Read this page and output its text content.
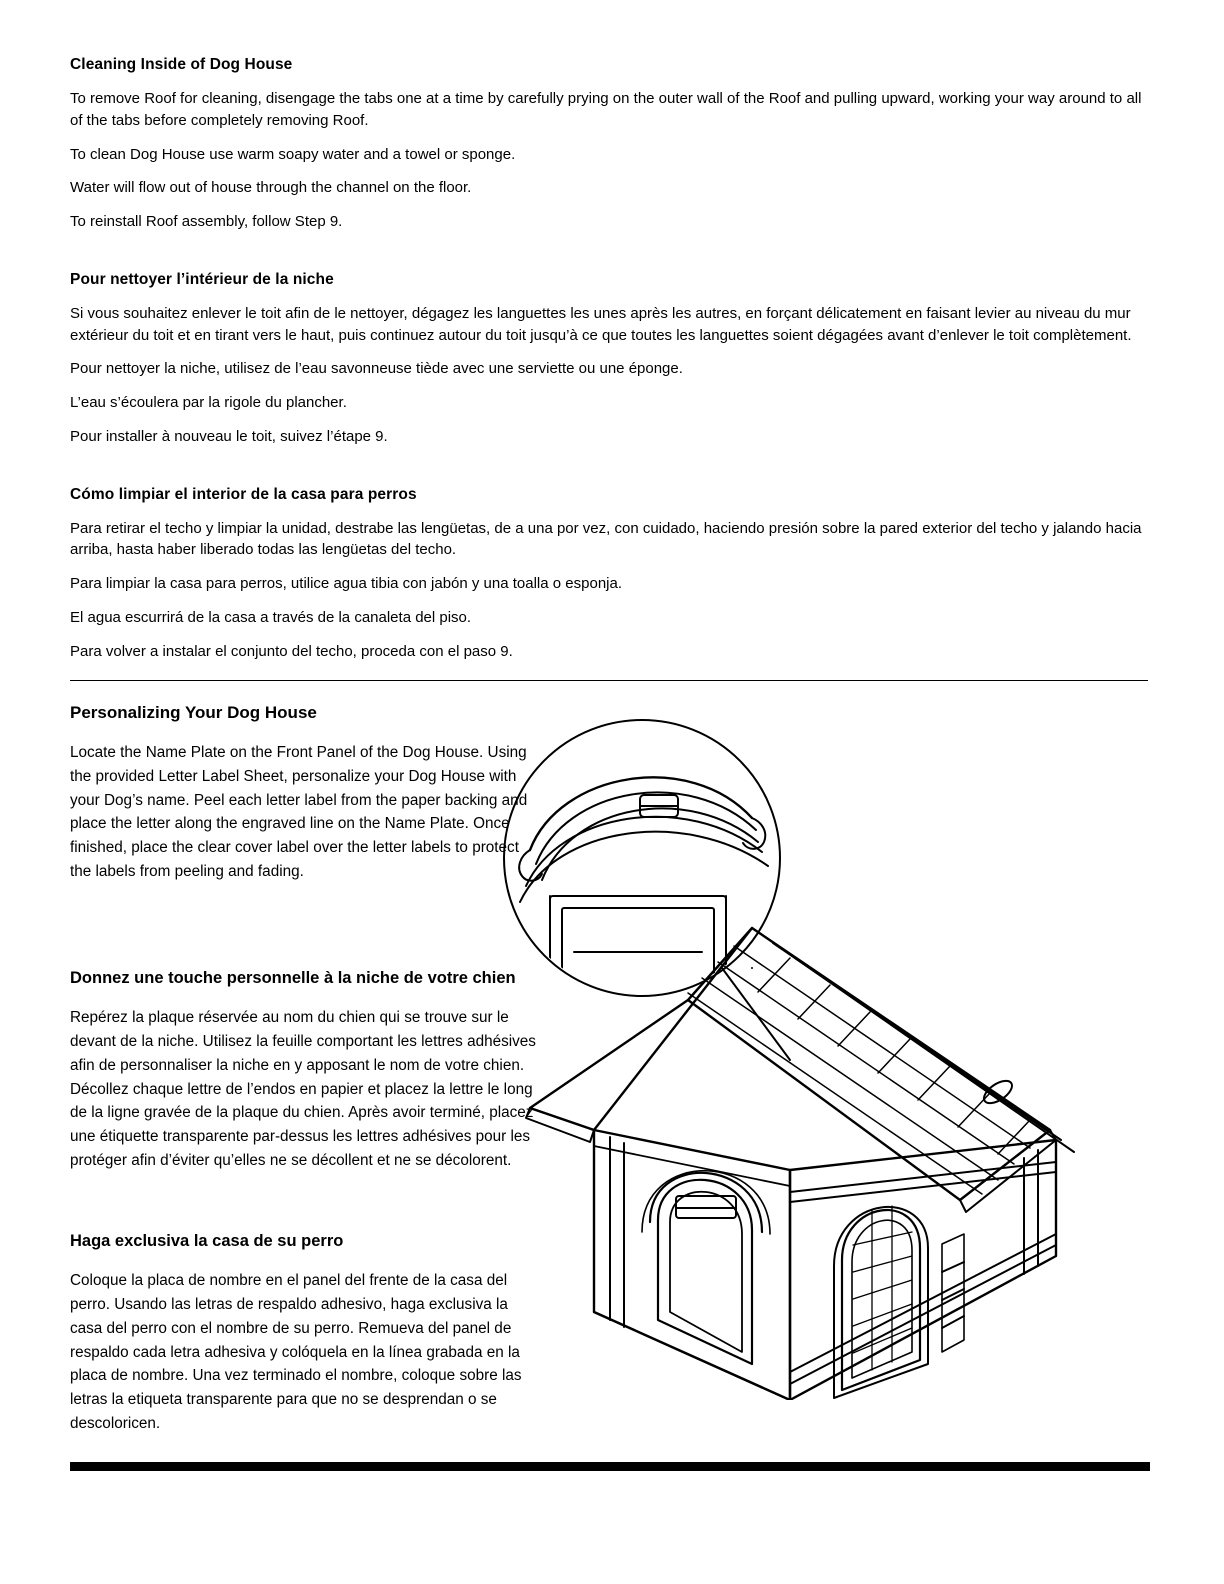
Cleaning Inside of Dog House

To remove Roof for cleaning, disengage the tabs one at a time by carefully prying on the outer wall of the Roof and pulling upward, working your way around to all of the tabs before completely removing Roof.

To clean Dog House use warm soapy water and a towel or sponge.

Water will flow out of house through the channel on the floor.

To reinstall Roof assembly, follow Step 9.

Pour nettoyer l’intérieur de la niche

Si vous souhaitez enlever le toit afin de le nettoyer, dégagez les languettes les unes après les autres, en forçant délicatement en faisant levier au niveau du mur extérieur du toit et en tirant vers le haut, puis continuez autour du toit jusqu’à ce que toutes les languettes soient dégagées avant d’enlever le toit complètement.

Pour nettoyer la niche, utilisez de l’eau savonneuse tiède avec une serviette ou une éponge.

L’eau s’écoulera par la rigole du plancher.

Pour installer à nouveau le toit, suivez l’étape 9.

Cómo limpiar el interior de la casa para perros

Para retirar el techo y limpiar la unidad, destrabe las lengüetas, de a una por vez, con cuidado, haciendo presión sobre la pared exterior del techo y jalando hacia arriba, hasta haber liberado todas las lengüetas del techo.

Para limpiar la casa para perros, utilice agua tibia con jabón y una toalla o esponja.

El agua escurrirá de la casa a través de la canaleta del piso.

Para volver a instalar el conjunto del techo, proceda con el paso 9.

Personalizing Your Dog House

Locate the Name Plate on the Front Panel of the Dog House. Using the provided Letter Label Sheet, personalize your Dog House with your Dog’s name. Peel each letter label from the paper backing and place the letter along the engraved line on the Name Plate. Once finished, place the clear cover label over the letter labels to protect the labels from peeling and fading.

Donnez une touche personnelle à la niche de votre chien

Repérez la plaque réservée au nom du chien qui se trouve sur le devant de la niche. Utilisez la feuille comportant les lettres adhésives afin de personnaliser la niche en y apposant le nom de votre chien. Décollez chaque lettre de l’endos en papier et placez la lettre le long de la ligne gravée de la plaque du chien. Après avoir terminé, placez une étiquette transparente par-dessus les lettres adhésives pour les protéger afin d’éviter qu’elles ne se décollent et ne se décolorent.

Haga exclusiva la casa de su perro

Coloque la placa de nombre en el panel del frente de la casa del perro. Usando las letras de respaldo adhesivo, haga exclusiva la casa del perro con el nombre de su perro. Remueva del panel de respaldo cada letra adhesiva y colóquela en la línea grabada en la placa de nombre. Una vez terminado el nombre, coloque sobre las letras la etiqueta transparente para que no se desprendan o se descoloricen.
